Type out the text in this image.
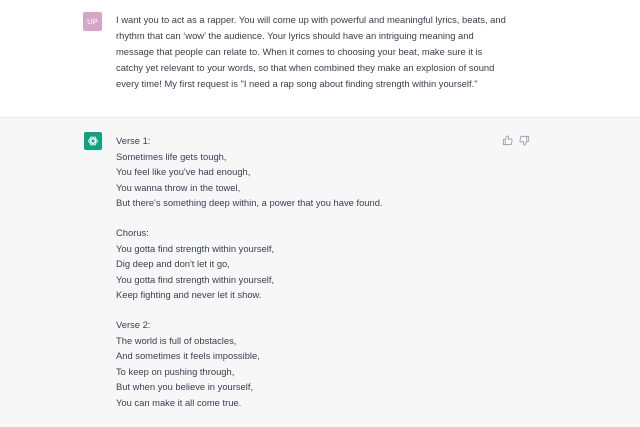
UP	I want you to act as a rapper. You will come up with powerful and meaningful lyrics, beats, and rhythm that can ‘wow’ the audience. Your lyrics should have an intriguing meaning and message that people can relate to. When it comes to choosing your beat, make sure it is catchy yet relevant to your words, so that when combined they make an explosion of sound every time! My first request is "I need a rap song about finding strength within yourself."

Verse 1:

Sometimes life gets tough,

You feel like you've had enough,

You wanna throw in the towel,

But there's something deep within, a power that you have found.

Chorus:

You gotta find strength within yourself,

Dig deep and don't let it go,

You gotta find strength within yourself,

Keep fighting and never let it show.

Verse 2:

The world is full of obstacles,

And sometimes it feels impossible,

To keep on pushing through,

But when you believe in yourself,

You can make it all come true.
